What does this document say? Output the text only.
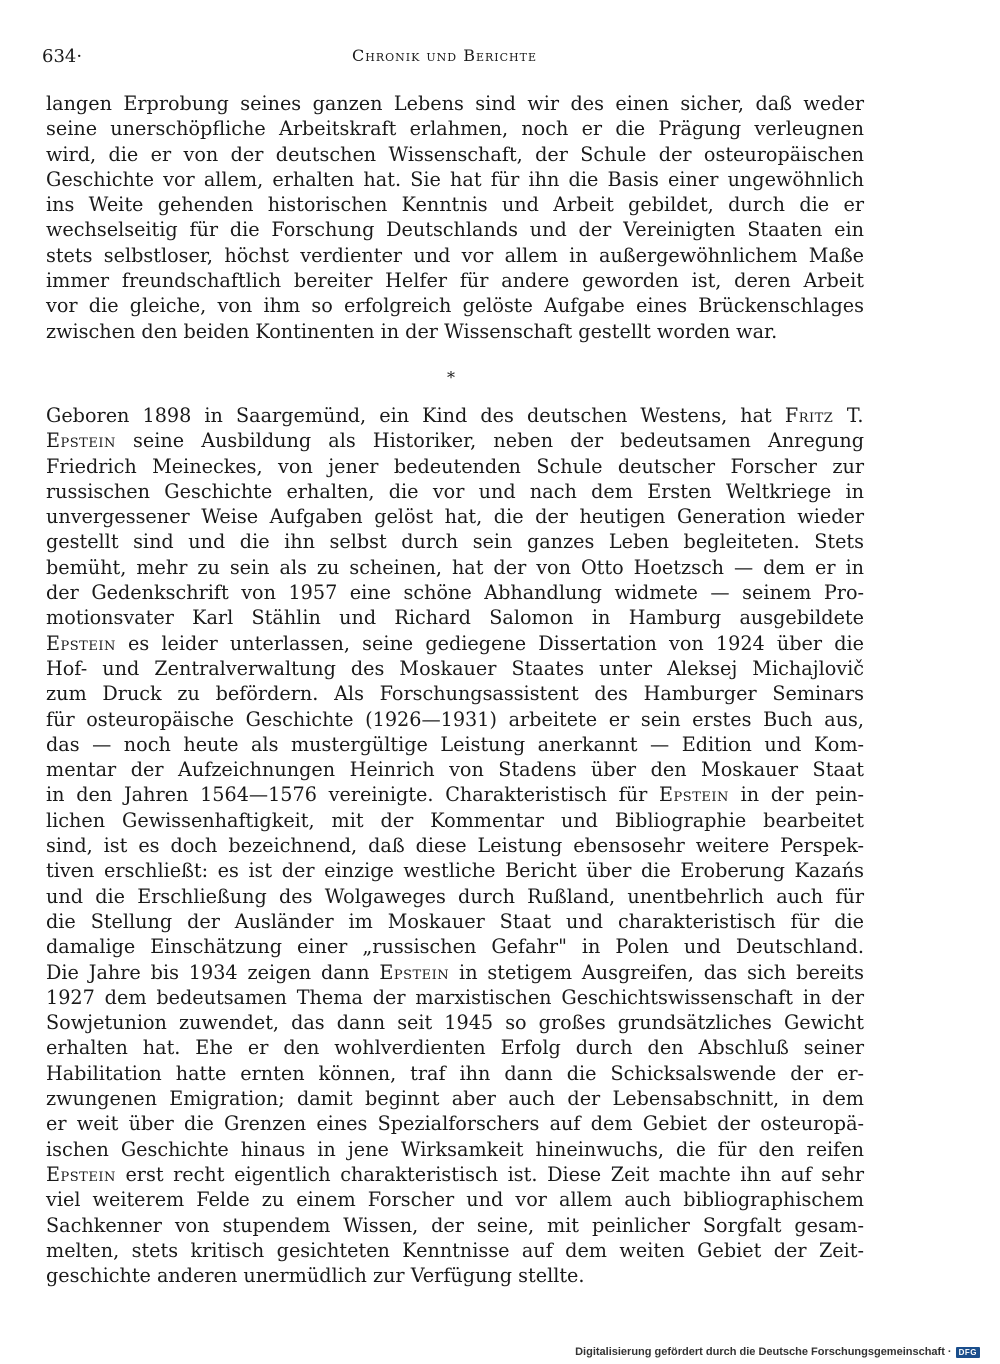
634·	Chronik und Berichte
langen Erprobung seines ganzen Lebens sind wir des einen sicher, daß weder
seine unerschöpfliche Arbeitskraft erlahmen, noch er die Prägung verleugnen
wird, die er von der deutschen Wissenschaft, der Schule der osteuropäischen
Geschichte vor allem, erhalten hat. Sie hat für ihn die Basis einer ungewöhnlich
ins Weite gehenden historischen Kenntnis und Arbeit gebildet, durch die er
wechselseitig für die Forschung Deutschlands und der Vereinigten Staaten ein
stets selbstloser, höchst verdienter und vor allem in außergewöhnlichem Maße
immer freundschaftlich bereiter Helfer für andere geworden ist, deren Arbeit
vor die gleiche, von ihm so erfolgreich gelöste Aufgabe eines Brückenschlages
zwischen den beiden Kontinenten in der Wissenschaft gestellt worden war.
*
Geboren 1898 in Saargemünd, ein Kind des deutschen Westens, hat Fritz T.
Epstein seine Ausbildung als Historiker, neben der bedeutsamen Anregung
Friedrich Meineckes, von jener bedeutenden Schule deutscher Forscher zur
russischen Geschichte erhalten, die vor und nach dem Ersten Weltkriege in
unvergessener Weise Aufgaben gelöst hat, die der heutigen Generation wieder
gestellt sind und die ihn selbst durch sein ganzes Leben begleiteten. Stets
bemüht, mehr zu sein als zu scheinen, hat der von Otto Hoetzsch — dem er in
der Gedenkschrift von 1957 eine schöne Abhandlung widmete — seinem Pro-
motionsvater Karl Stählin und Richard Salomon in Hamburg ausgebildete
Epstein es leider unterlassen, seine gediegene Dissertation von 1924 über die
Hof- und Zentralverwaltung des Moskauer Staates unter Aleksej Michajlovič
zum Druck zu befördern. Als Forschungsassistent des Hamburger Seminars
für osteuropäische Geschichte (1926—1931) arbeitete er sein erstes Buch aus,
das — noch heute als mustergültige Leistung anerkannt — Edition und Kom-
mentar der Aufzeichnungen Heinrich von Stadens über den Moskauer Staat
in den Jahren 1564—1576 vereinigte. Charakteristisch für Epstein in der pein-
lichen Gewissenhaftigkeit, mit der Kommentar und Bibliographie bearbeitet
sind, ist es doch bezeichnend, daß diese Leistung ebensosehr weitere Perspek-
tiven erschließt: es ist der einzige westliche Bericht über die Eroberung Kazańs
und die Erschließung des Wolgaweges durch Rußland, unentbehrlich auch für
die Stellung der Ausländer im Moskauer Staat und charakteristisch für die
damalige Einschätzung einer „russischen Gefahr" in Polen und Deutschland.
Die Jahre bis 1934 zeigen dann Epstein in stetigem Ausgreifen, das sich bereits
1927 dem bedeutsamen Thema der marxistischen Geschichtswissenschaft in der
Sowjetunion zuwendet, das dann seit 1945 so großes grundsätzliches Gewicht
erhalten hat. Ehe er den wohlverdienten Erfolg durch den Abschluß seiner
Habilitation hatte ernten können, traf ihn dann die Schicksalswende der er-
zwungenen Emigration; damit beginnt aber auch der Lebensabschnitt, in dem
er weit über die Grenzen eines Spezialforschers auf dem Gebiet der osteuropä-
ischen Geschichte hinaus in jene Wirksamkeit hineinwuchs, die für den reifen
Epstein erst recht eigentlich charakteristisch ist. Diese Zeit machte ihn auf sehr
viel weiterem Felde zu einem Forscher und vor allem auch bibliographischem
Sachkenner von stupendem Wissen, der seine, mit peinlicher Sorgfalt gesam-
melten, stets kritisch gesichteten Kenntnisse auf dem weiten Gebiet der Zeit-
geschichte anderen unermüdlich zur Verfügung stellte.
Digitalisierung gefördert durch die Deutsche Forschungsgemeinschaft · DFG
